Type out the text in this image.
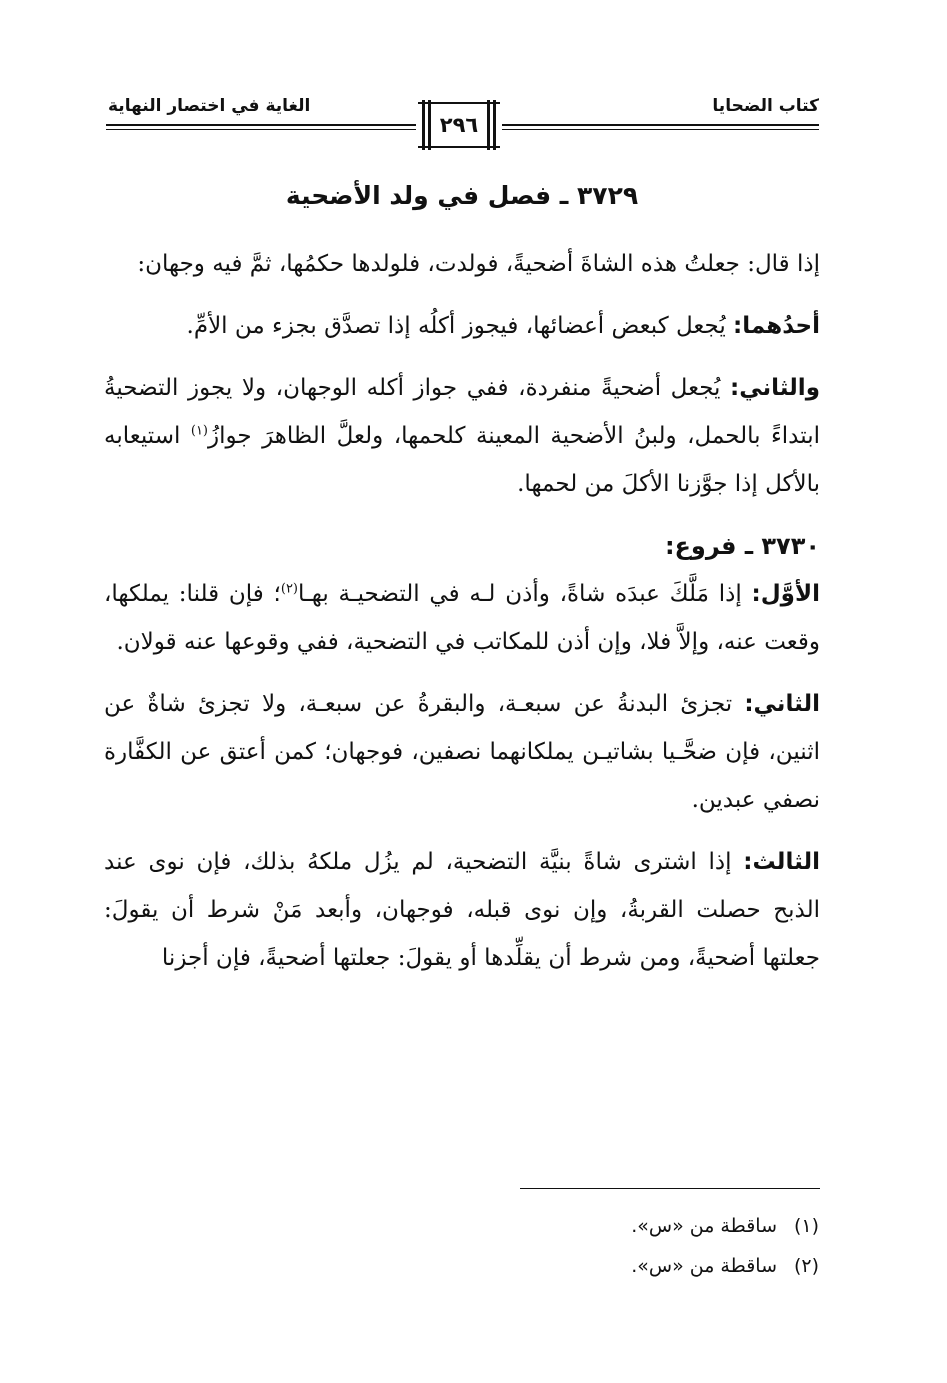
كتاب الضحايا
الغاية في اختصار النهاية
٢٩٦
٣٧٢٩ ـ فصل في ولد الأضحية

إذا قال: جعلتُ هذه الشاةَ أضحيةً، فولدت، فلولدها حكمُها، ثمَّ فيه وجهان:

أحدُهما: يُجعل كبعض أعضائها، فيجوز أكلُه إذا تصدَّق بجزء من الأمِّ.

والثاني: يُجعل أضحيةً منفردة، ففي جواز أكله الوجهان، ولا يجوز التضحيةُ ابتداءً بالحمل، ولبنُ الأضحية المعينة كلحمها، ولعلَّ الظاهرَ جوازُ$^{(١)}$ استيعابه بالأكل إذا جوَّزنا الأكلَ من لحمها.

٣٧٣٠ ـ فروع:

الأوَّل: إذا مَلَّكَ عبدَه شاةً، وأذن لـه في التضحيـة بهـا$^{(٢)}$؛ فإن قلنا: يملكها، وقعت عنه، وإلاَّ فلا، وإن أذن للمكاتب في التضحية، ففي وقوعها عنه قولان.

الثاني: تجزئ البدنةُ عن سبعـة، والبقرةُ عن سبعـة، ولا تجزئ شاةٌ عن اثنين، فإن ضحَّـيا بشاتيـن يملكانهما نصفين، فوجهان؛ كمن أعتق عن الكفَّارة نصفي عبدين.

الثالث: إذا اشترى شاةً بنيَّة التضحية، لم يزُل ملكهُ بذلك، فإن نوى عند الذبح حصلت القربةُ، وإن نوى قبله، فوجهان، وأبعد مَنْ شرط أن يقولَ: جعلتها أضحيةً، ومن شرط أن يقلِّدها أو يقولَ: جعلتها أضحيةً، فإن أجزنا

(١)ساقطة من «س».
(٢)ساقطة من «س».
